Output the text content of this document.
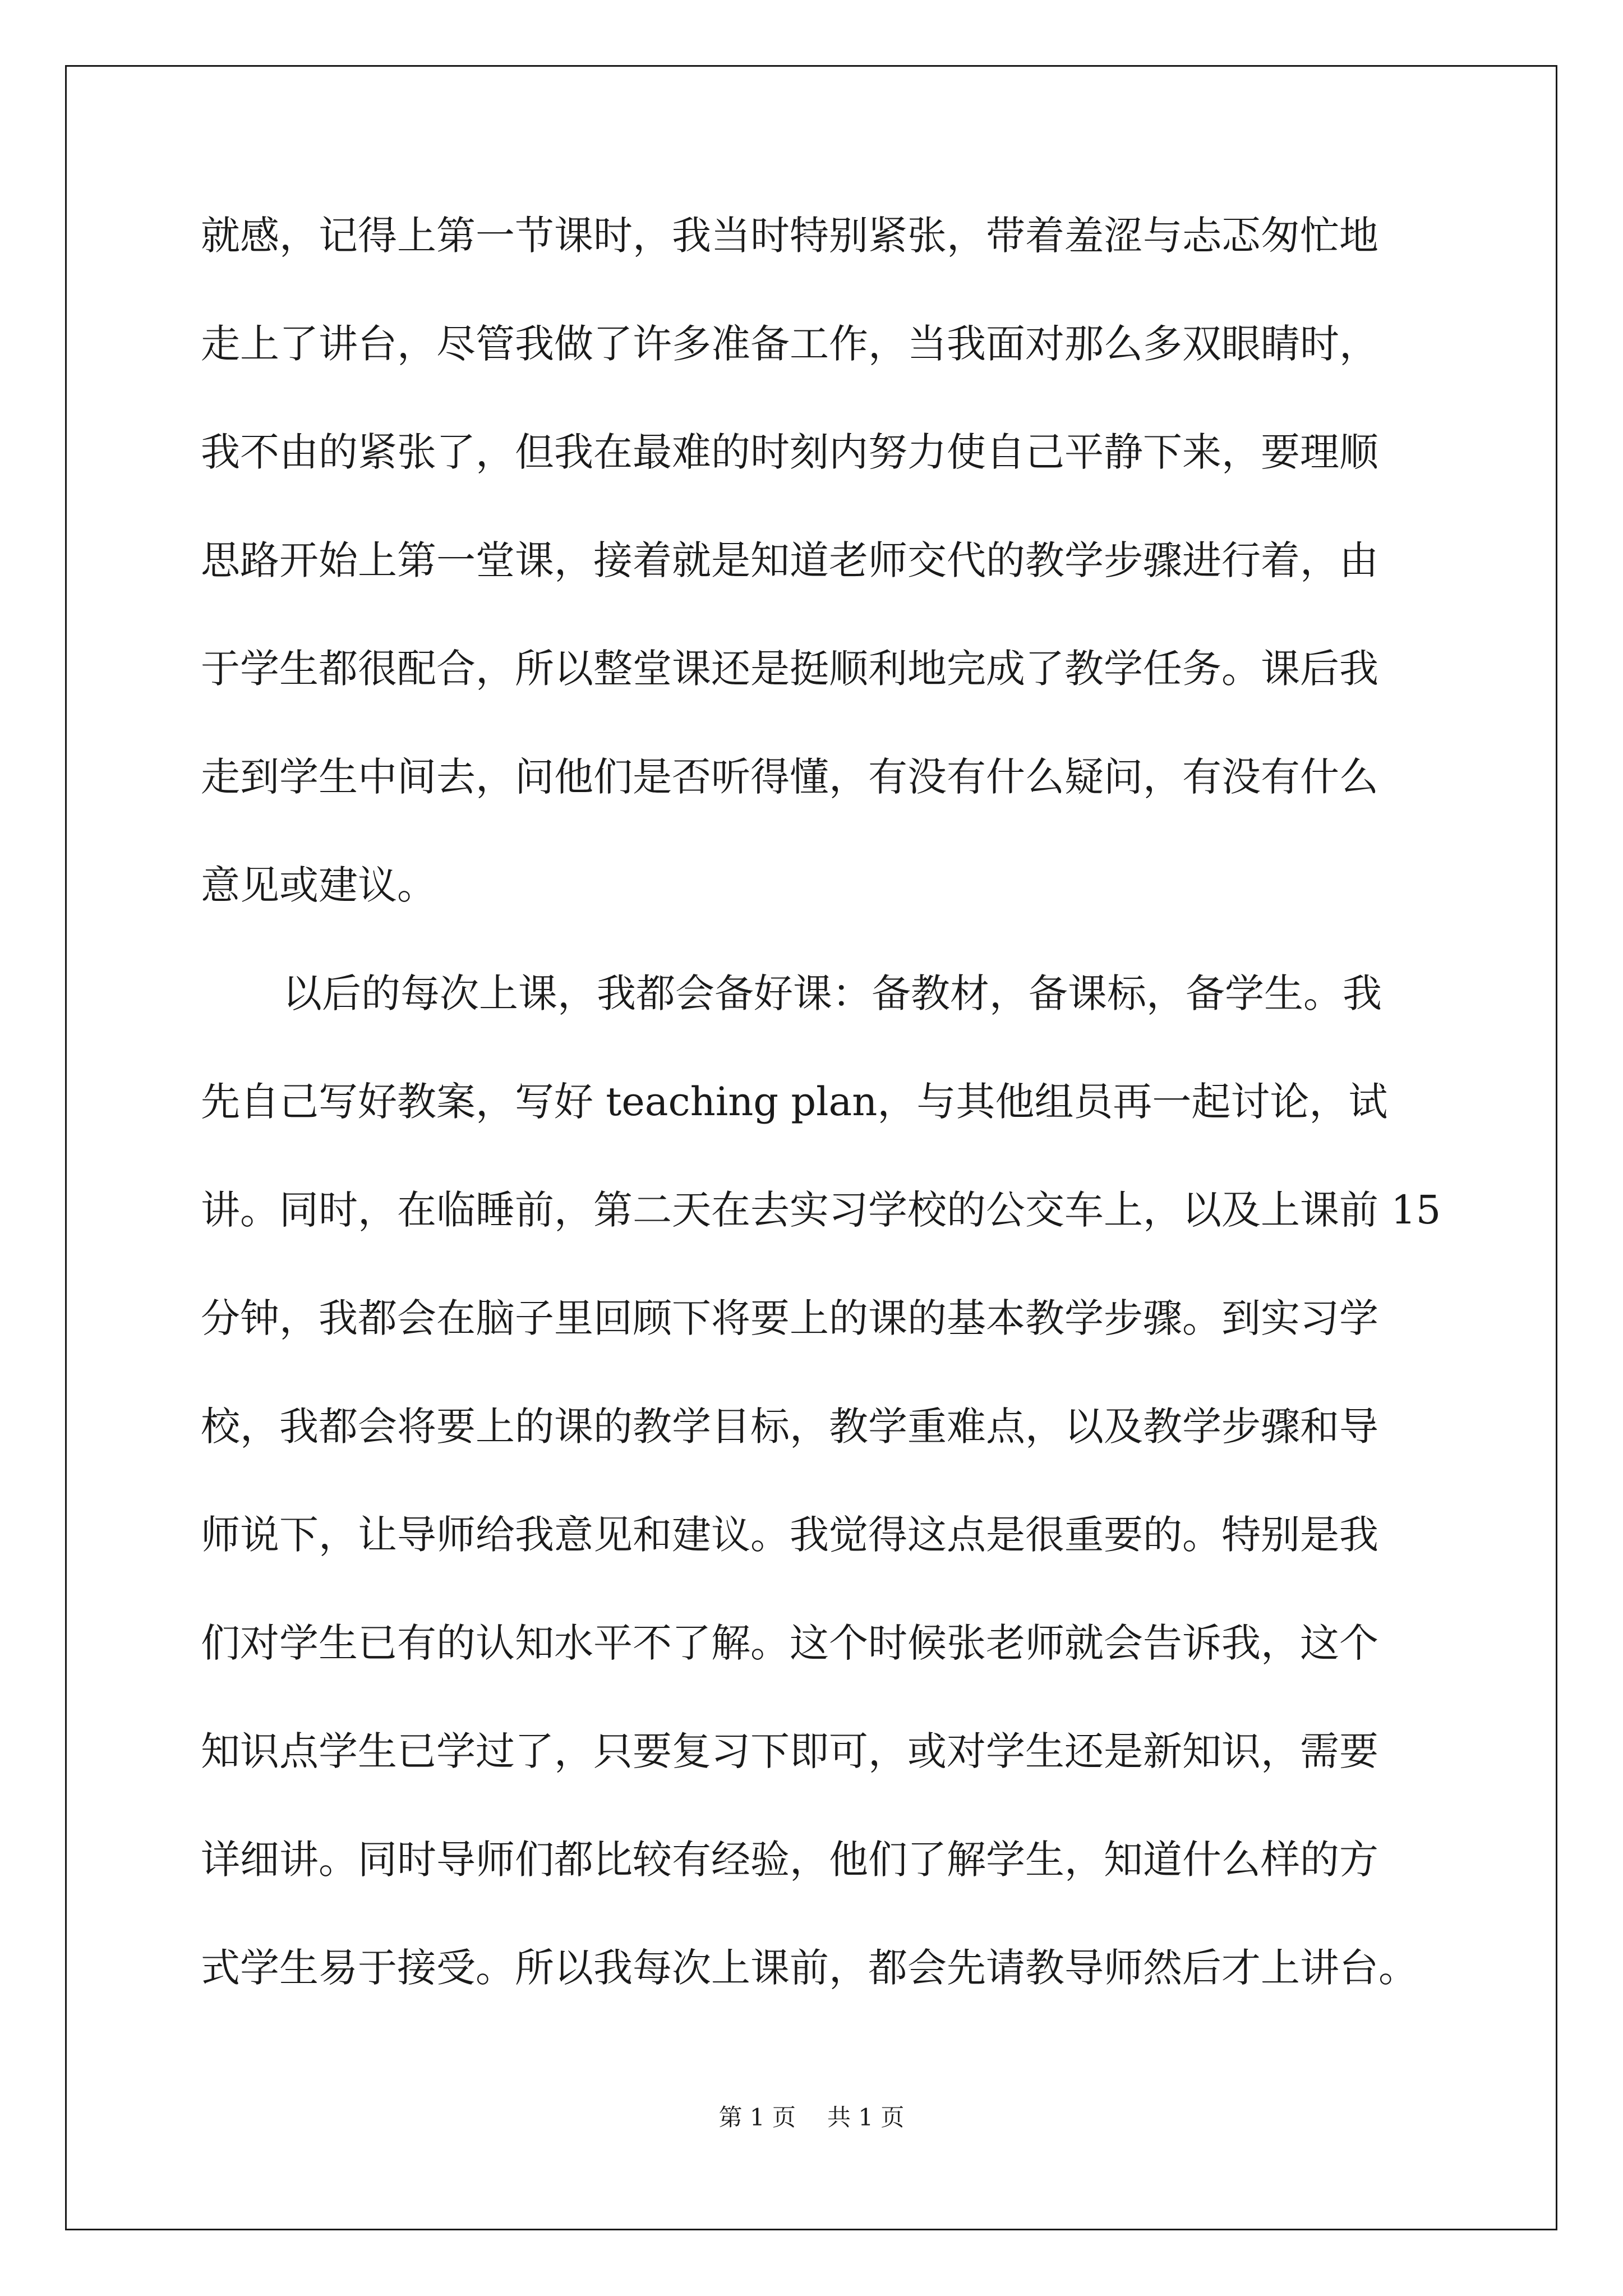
就感，记得上第一节课时，我当时特别紧张，带着羞涩与忐忑匆忙地
走上了讲台，尽管我做了许多准备工作，当我面对那么多双眼睛时，
我不由的紧张了，但我在最难的时刻内努力使自己平静下来，要理顺
思路开始上第一堂课，接着就是知道老师交代的教学步骤进行着，由
于学生都很配合，所以整堂课还是挺顺利地完成了教学任务。课后我
走到学生中间去，问他们是否听得懂，有没有什么疑问，有没有什么
意见或建议。
以后的每次上课，我都会备好课：备教材，备课标，备学生。我
先自己写好教案，写好 teaching plan，与其他组员再一起讨论，试
讲。同时，在临睡前，第二天在去实习学校的公交车上，以及上课前 15
分钟，我都会在脑子里回顾下将要上的课的基本教学步骤。到实习学
校，我都会将要上的课的教学目标，教学重难点，以及教学步骤和导
师说下，让导师给我意见和建议。我觉得这点是很重要的。特别是我
们对学生已有的认知水平不了解。这个时候张老师就会告诉我，这个
知识点学生已学过了，只要复习下即可，或对学生还是新知识，需要
详细讲。同时导师们都比较有经验，他们了解学生，知道什么样的方
式学生易于接受。所以我每次上课前，都会先请教导师然后才上讲台。
第 1 页 共 1 页
